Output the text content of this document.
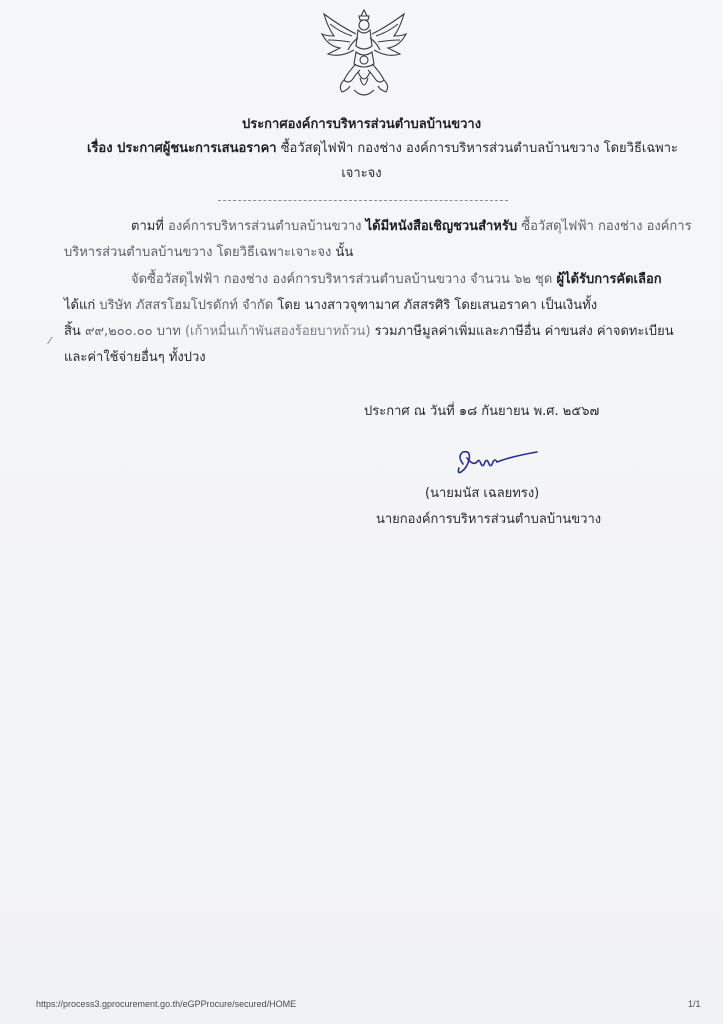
ประกาศองค์การบริหารส่วนตำบลบ้านขวาง
เรื่อง ประกาศผู้ชนะการเสนอราคา ซื้อวัสดุไฟฟ้า กองช่าง องค์การบริหารส่วนตำบลบ้านขวาง โดยวิธีเฉพาะ
เจาะจง
ตามที่ องค์การบริหารส่วนตำบลบ้านขวาง ได้มีหนังสือเชิญชวนสำหรับ ซื้อวัสดุไฟฟ้า กองช่าง องค์การ
บริหารส่วนตำบลบ้านขวาง โดยวิธีเฉพาะเจาะจง นั้น
จัดซื้อวัสดุไฟฟ้า กองช่าง องค์การบริหารส่วนตำบลบ้านขวาง จำนวน ๖๒ ชุด ผู้ได้รับการคัดเลือก
ได้แก่ บริษัท ภัสสรโฮมโปรดักท์ จำกัด โดย นางสาวจุฑามาศ ภัสสรศิริ โดยเสนอราคา เป็นเงินทั้ง
⁄
สิ้น ๙๙,๒๐๐.๐๐ บาท (เก้าหมื่นเก้าพันสองร้อยบาทถ้วน) รวมภาษีมูลค่าเพิ่มและภาษีอื่น ค่าขนส่ง ค่าจดทะเบียน
และค่าใช้จ่ายอื่นๆ ทั้งปวง
ประกาศ ณ วันที่ ๑๘ กันยายน พ.ศ. ๒๕๖๗
(นายมนัส เฉลยทรง)
นายกองค์การบริหารส่วนตำบลบ้านขวาง
https://process3.gprocurement.go.th/eGPProcure/secured/HOME	1/1
